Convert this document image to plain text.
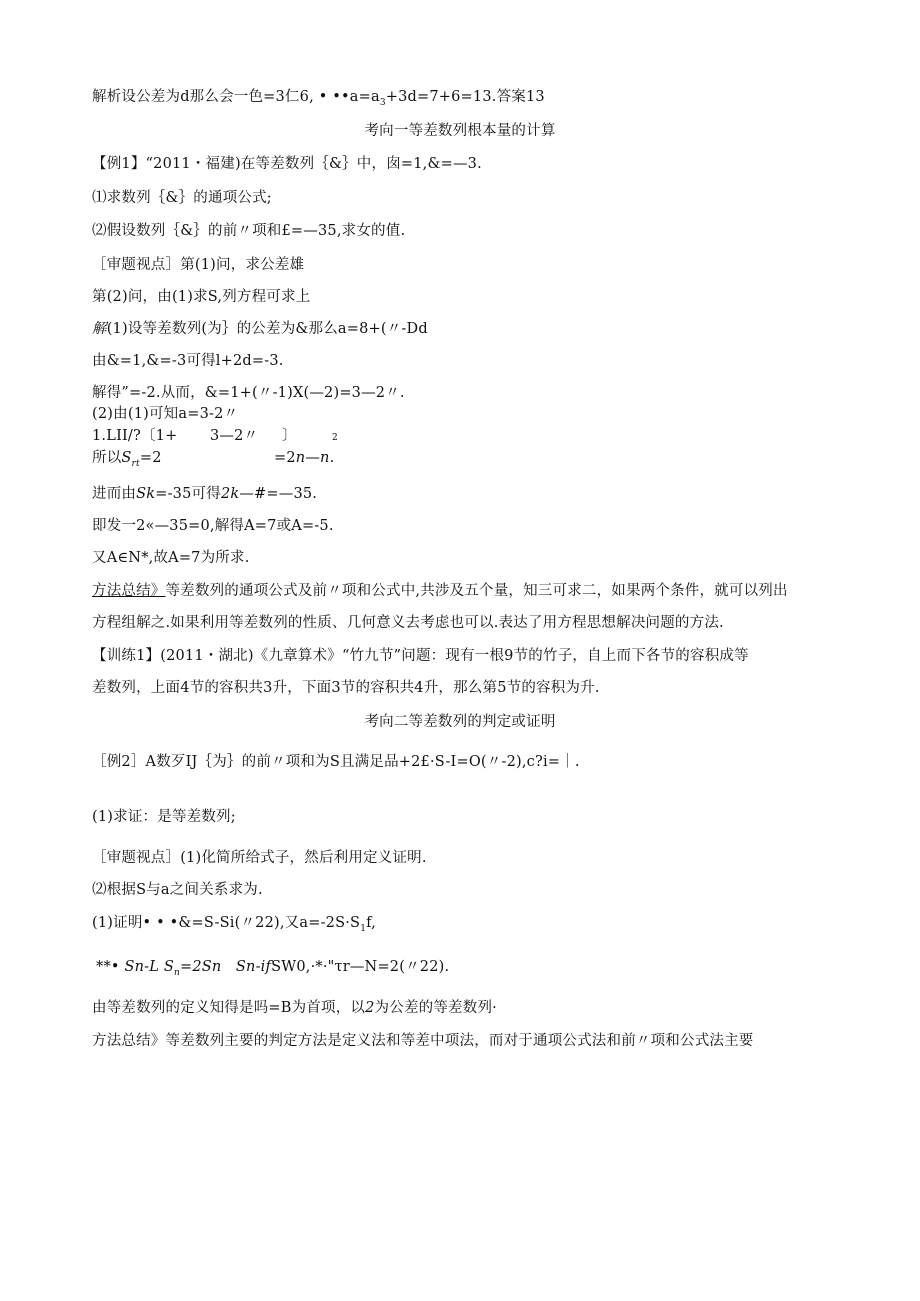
解析设公差为d那么会一色=3仁6, • $••a=a_3+3d=7+6=13$.答案13
考向一等差数列根本量的计算
【例1】“2011・福建)在等差数列｛&｝中，囱=1,&=—3.
⑴求数列｛&｝的通项公式;
⑵假设数列｛&｝的前〃项和£=—35,求女的值.
［审题视点］第(1)问，求公差雄
第(2)问，由(1)求S,列方程可求上
解(1)设等差数列(为｝的公差为&那么a=8+(〃-Dd
由&=1,&=-3可得l+2d=-3.
解得”=-2.从而，&=1+(〃-1)X(—2)=3—2〃.
(2)由(1)可知a=3-2〃
1.LII/?〔1+ 3—2〃 〕	2
所以$S_{rt}=2$	=2n—n.
进而由Sk=-35可得2k—#=—35.
即发一2«—35=0,解得A=7或A=-5.
又A∈N*,故A=7为所求.
方法总结》等差数列的通项公式及前〃项和公式中,共涉及五个量，知三可求二，如果两个条件，就可以列出
方程组解之.如果利用等差数列的性质、几何意义去考虑也可以.表达了用方程思想解决问题的方法.
【训练1】(2011・湖北)《九章算术》“竹九节”问题：现有一根9节的竹子，自上而下各节的容积成等
差数列，上面4节的容积共3升，下面3节的容积共4升，那么第5节的容积为升.
考向二等差数列的判定或证明
［例2］A数歹IJ｛为｝的前〃项和为S且满足品+2£·S-I=O(〃-2),c?i=｜.
(1)求证：是等差数列;
［审题视点］(1)化简所给式子，然后利用定义证明.
⑵根据S与a之间关系求为.
(1)证明• • •&=S-Si(〃22),又$a=-2S\cdot S_1f$,
**• Sn-L $S_n=2Sn$ Sn-ifSW0,·*·"τr—N=2(〃22).
由等差数列的定义知得是吗=B为首项，以2为公差的等差数列·
方法总结》等差数列主要的判定方法是定义法和等差中项法，而对于通项公式法和前〃项和公式法主要
